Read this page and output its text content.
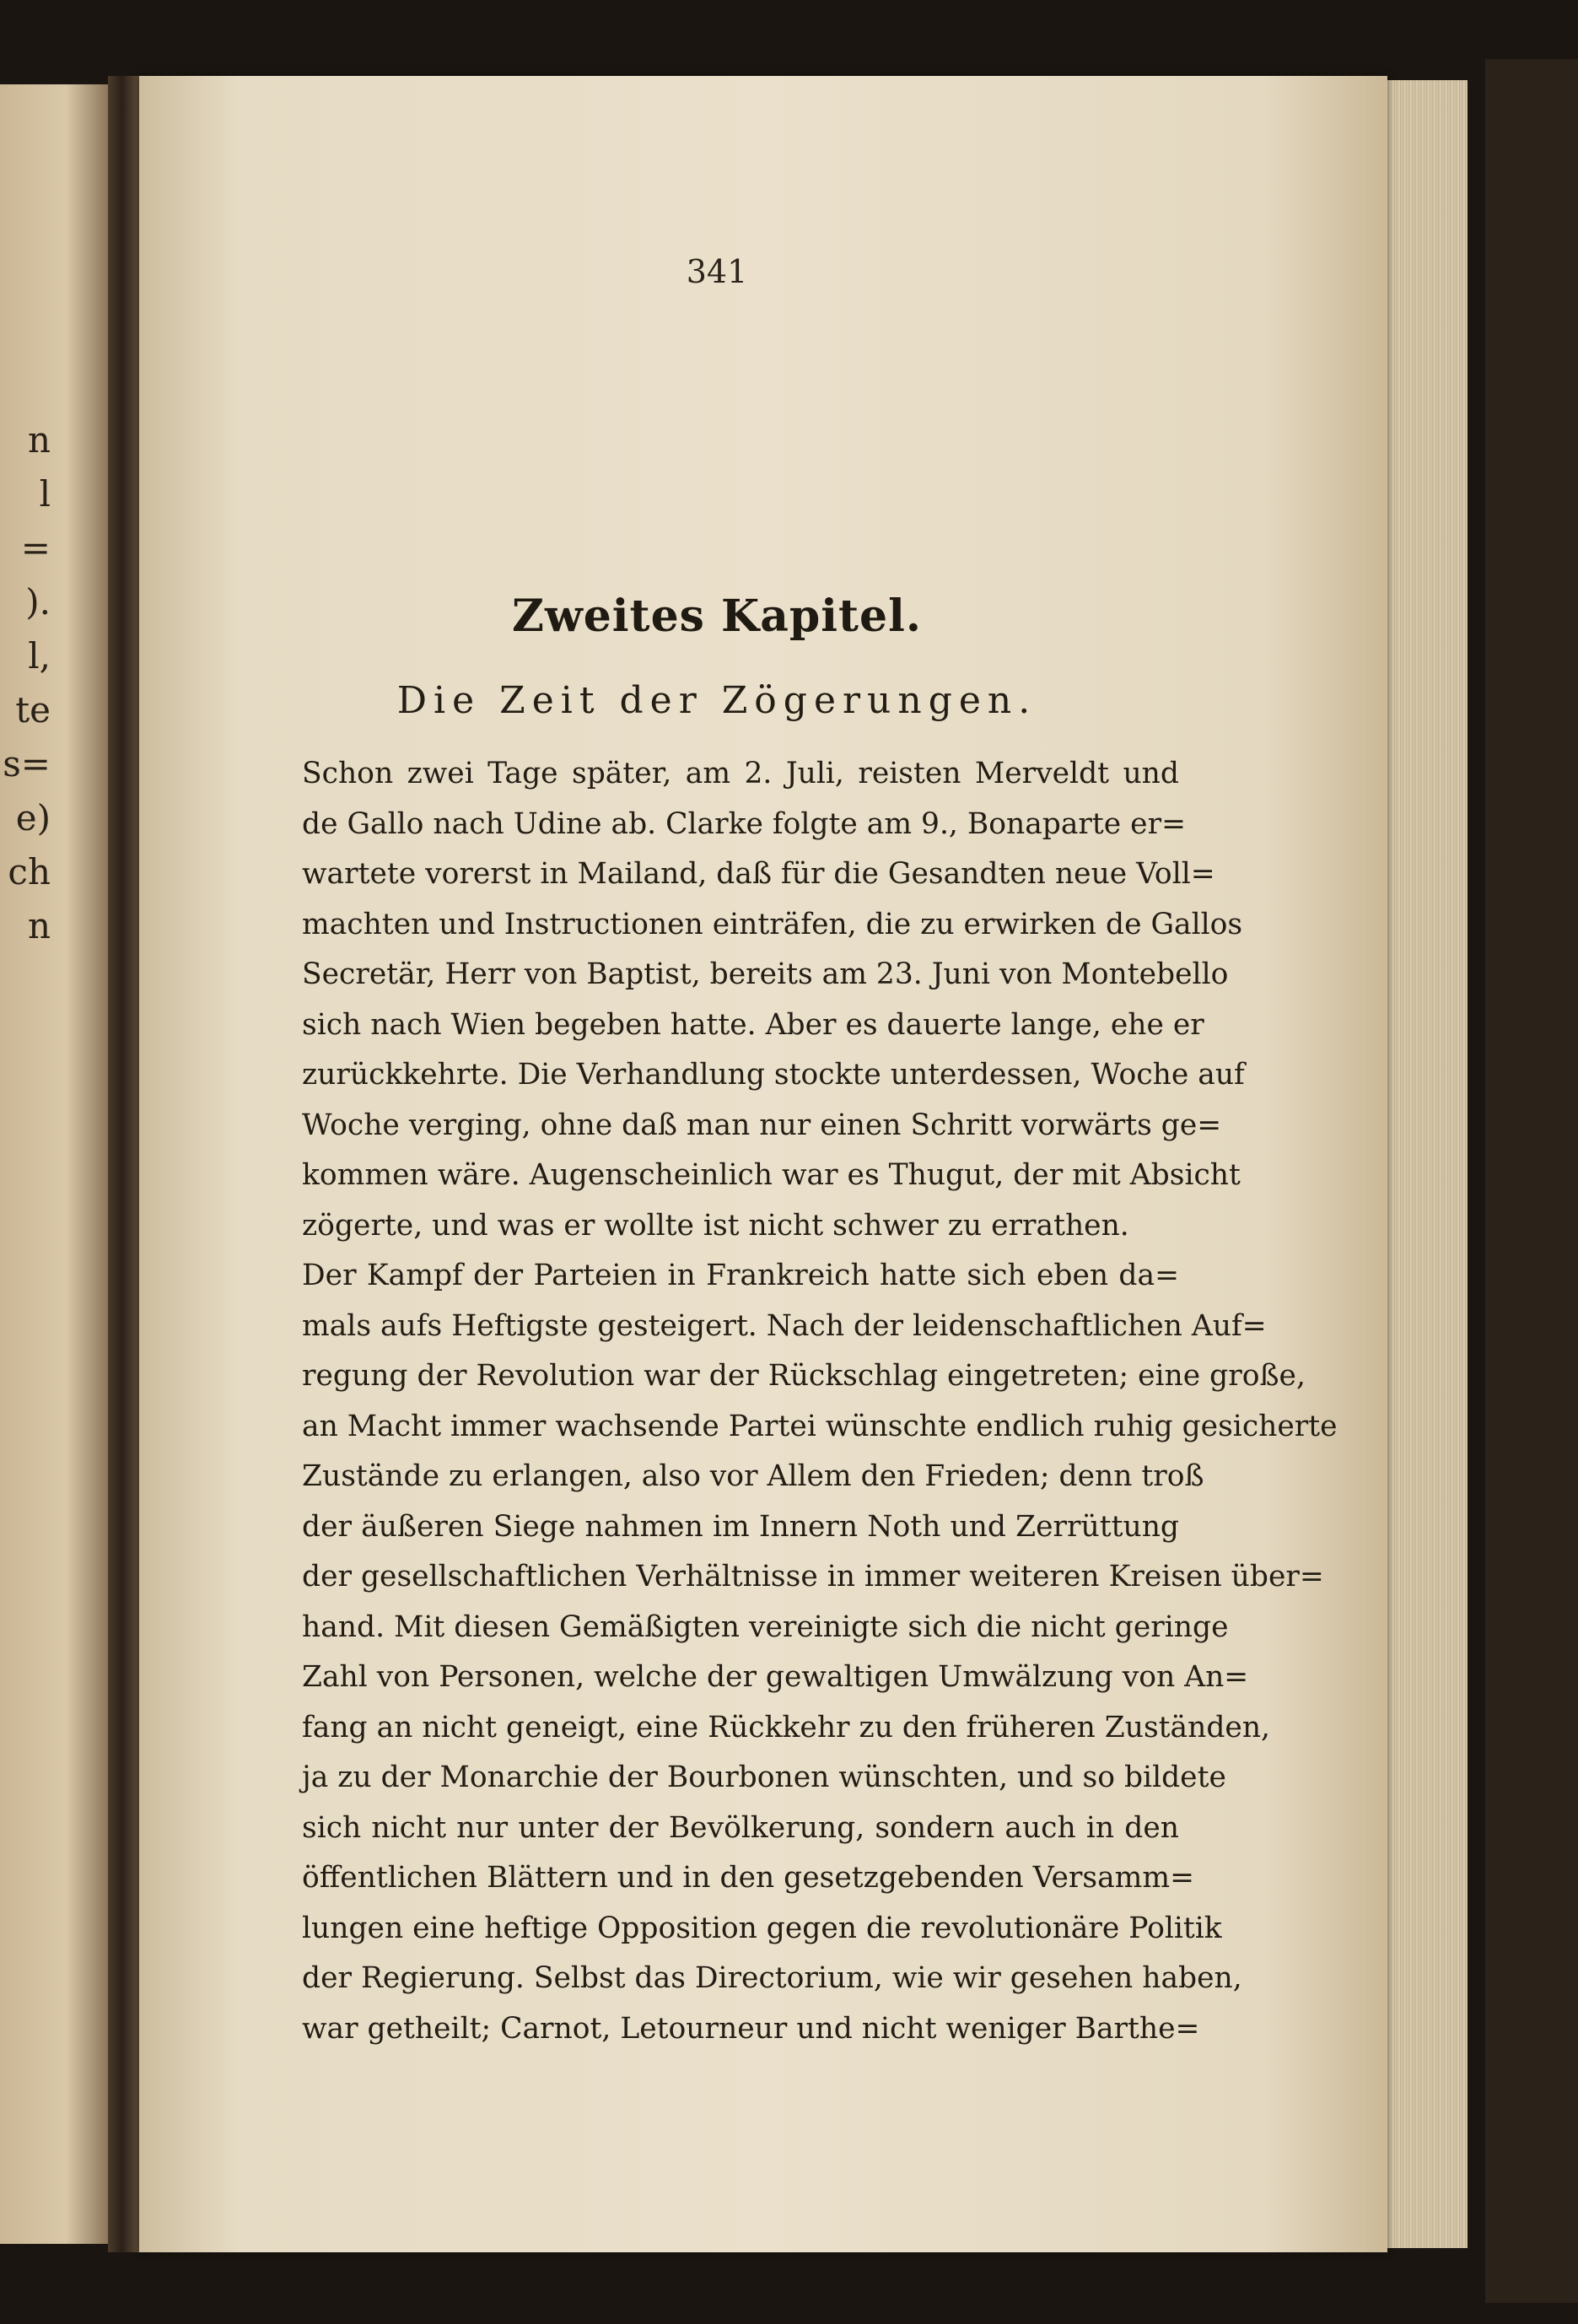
n
l
=
).
l,
te
s=
e)
ch
n
341
Zweites Kapitel.
Die Zeit der Zögerungen.

Schon zwei Tage später, am 2. Juli, reisten Merveldt und
de Gallo nach Udine ab. Clarke folgte am 9., Bonaparte er=
wartete vorerst in Mailand, daß für die Gesandten neue Voll=
machten und Instructionen einträfen, die zu erwirken de Gallos
Secretär, Herr von Baptist, bereits am 23. Juni von Montebello
sich nach Wien begeben hatte. Aber es dauerte lange, ehe er
zurückkehrte. Die Verhandlung stockte unterdessen, Woche auf
Woche verging, ohne daß man nur einen Schritt vorwärts ge=
kommen wäre. Augenscheinlich war es Thugut, der mit Absicht
zögerte, und was er wollte ist nicht schwer zu errathen.

Der Kampf der Parteien in Frankreich hatte sich eben da=
mals aufs Heftigste gesteigert. Nach der leidenschaftlichen Auf=
regung der Revolution war der Rückschlag eingetreten; eine große,
an Macht immer wachsende Partei wünschte endlich ruhig gesicherte
Zustände zu erlangen, also vor Allem den Frieden; denn troß
der äußeren Siege nahmen im Innern Noth und Zerrüttung
der gesellschaftlichen Verhältnisse in immer weiteren Kreisen über=
hand. Mit diesen Gemäßigten vereinigte sich die nicht geringe
Zahl von Personen, welche der gewaltigen Umwälzung von An=
fang an nicht geneigt, eine Rückkehr zu den früheren Zuständen,
ja zu der Monarchie der Bourbonen wünschten, und so bildete
sich nicht nur unter der Bevölkerung, sondern auch in den
öffentlichen Blättern und in den gesetzgebenden Versamm=
lungen eine heftige Opposition gegen die revolutionäre Politik
der Regierung. Selbst das Directorium, wie wir gesehen haben,
war getheilt; Carnot, Letourneur und nicht weniger Barthe=
